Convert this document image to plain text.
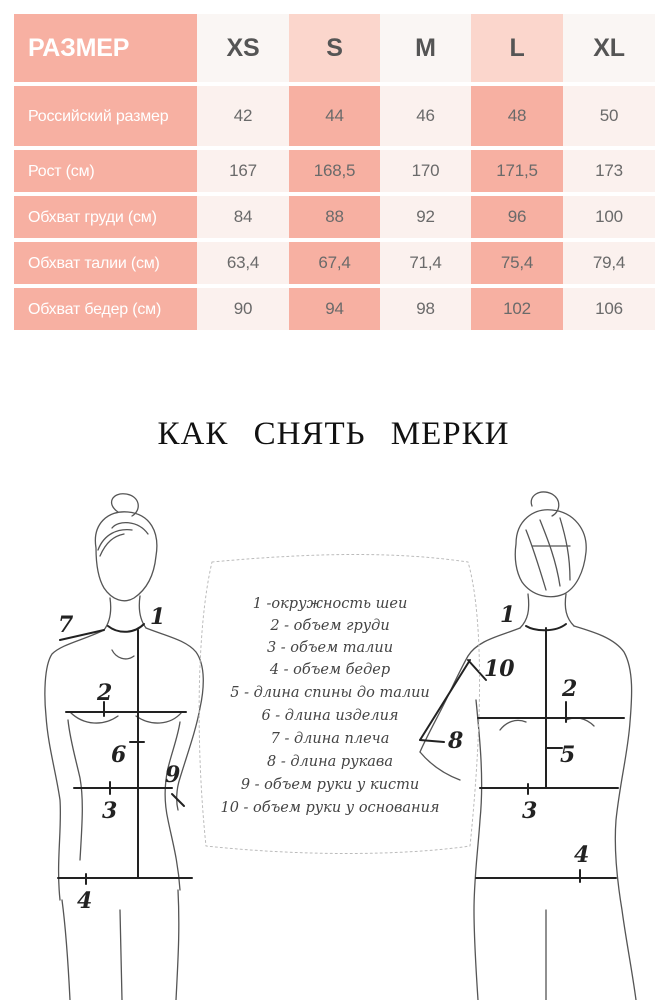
РАЗМЕР	XS	S	M	L	XL
Российский размер	42	44	46	48	50
Рост (см)	167	168,5	170	171,5	173
Обхват груди (см)	84	88	92	96	100
Обхват талии (см)	63,4	67,4	71,4	75,4	79,4
Обхват бедер (см)	90	94	98	102	106
КАК СНЯТЬ МЕРКИ
1 -окружность шеи
2 - объем груди
3 - объем талии
4 - объем бедер
5 - длина спины до талии
6 - длина изделия
7 - длина плеча
8 - длина рукава
9 - объем руки у кисти
10 - объем руки у основания
7	1
2
6
9
3
4
1
10
2
8
5
3
4
